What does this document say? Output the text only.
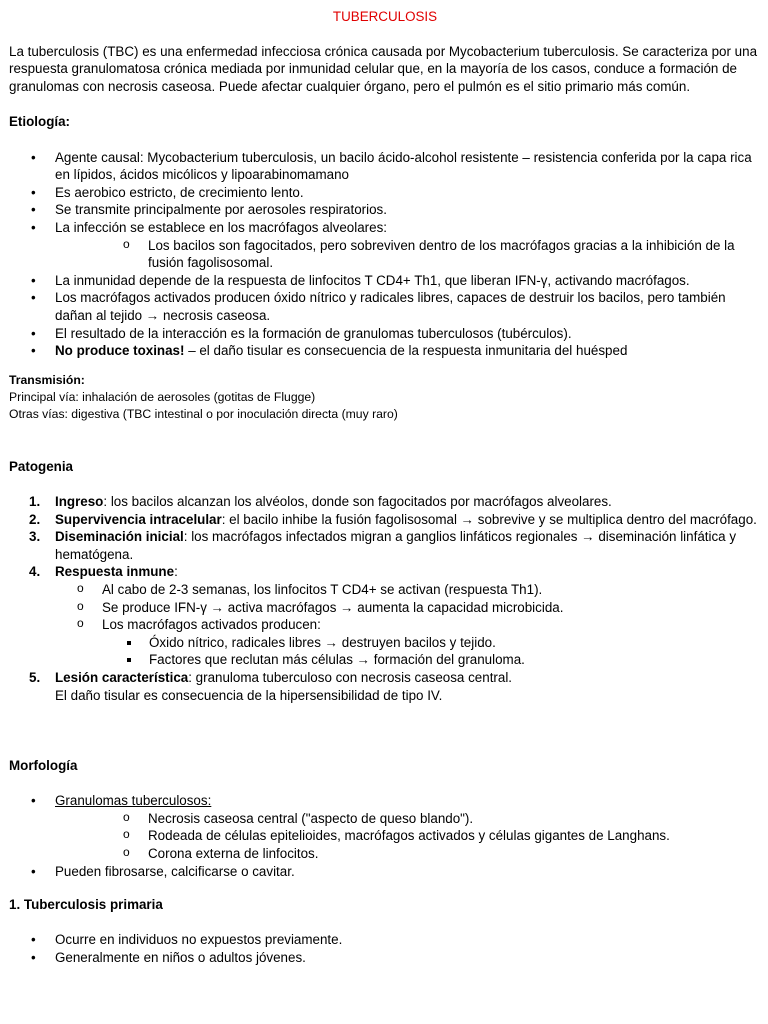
TUBERCULOSIS

La tuberculosis (TBC) es una enfermedad infecciosa crónica causada por Mycobacterium tuberculosis. Se caracteriza por una respuesta granulomatosa crónica mediada por inmunidad celular que, en la mayoría de los casos, conduce a formación de granulomas con necrosis caseosa. Puede afectar cualquier órgano, pero el pulmón es el sitio primario más común.

Etiología:

• Agente causal: Mycobacterium tuberculosis, un bacilo ácido-alcohol resistente – resistencia conferida por la capa rica en lípidos, ácidos micólicos y lipoarabinomamano
• Es aerobico estricto, de crecimiento lento.
• Se transmite principalmente por aerosoles respiratorios.
• La infección se establece en los macrófagos alveolares:
o Los bacilos son fagocitados, pero sobreviven dentro de los macrófagos gracias a la inhibición de la fusión fagolisosomal.
• La inmunidad depende de la respuesta de linfocitos T CD4+ Th1, que liberan IFN-γ, activando macrófagos.
• Los macrófagos activados producen óxido nítrico y radicales libres, capaces de destruir los bacilos, pero también dañan al tejido → necrosis caseosa.
• El resultado de la interacción es la formación de granulomas tuberculosos (tubérculos).
• No produce toxinas! – el daño tisular es consecuencia de la respuesta inmunitaria del huésped

Transmisión:

Principal vía: inhalación de aerosoles (gotitas de Flugge)

Otras vías: digestiva (TBC intestinal o por inoculación directa (muy raro)

Patogenia

1. Ingreso: los bacilos alcanzan los alvéolos, donde son fagocitados por macrófagos alveolares.
2. Supervivencia intracelular: el bacilo inhibe la fusión fagolisosomal → sobrevive y se multiplica dentro del macrófago.
3. Diseminación inicial: los macrófagos infectados migran a ganglios linfáticos regionales → diseminación linfática y hematógena.
4. Respuesta inmune:
o Al cabo de 2-3 semanas, los linfocitos T CD4+ se activan (respuesta Th1).
o Se produce IFN-γ → activa macrófagos → aumenta la capacidad microbicida.
o Los macrófagos activados producen:
Óxido nítrico, radicales libres → destruyen bacilos y tejido.
Factores que reclutan más células → formación del granuloma.
5. Lesión característica: granuloma tuberculoso con necrosis caseosa central.

El daño tisular es consecuencia de la hipersensibilidad de tipo IV.

Morfología

• Granulomas tuberculosos:
o Necrosis caseosa central ("aspecto de queso blando").
o Rodeada de células epitelioides, macrófagos activados y células gigantes de Langhans.
o Corona externa de linfocitos.
• Pueden fibrosarse, calcificarse o cavitar.

1. Tuberculosis primaria

• Ocurre en individuos no expuestos previamente.
• Generalmente en niños o adultos jóvenes.
